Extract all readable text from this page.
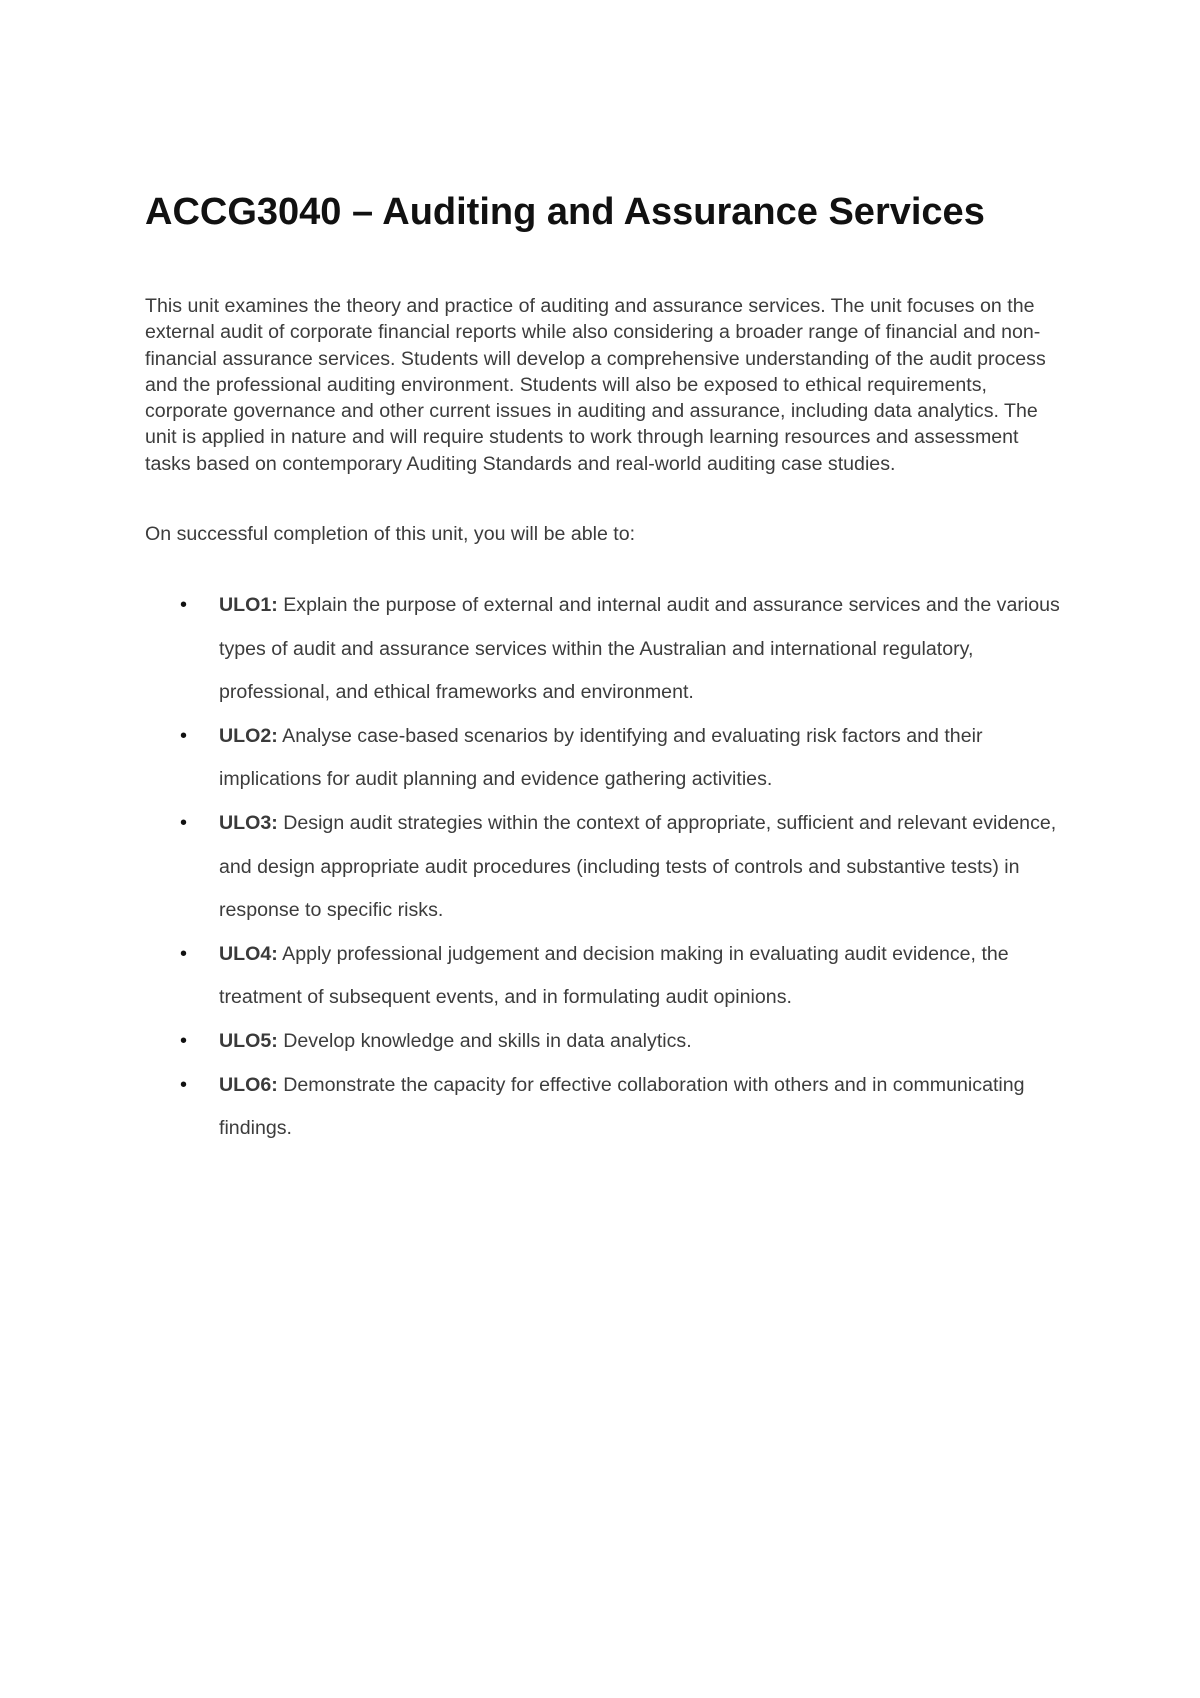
ACCG3040 – Auditing and Assurance Services

This unit examines the theory and practice of auditing and assurance services. The unit focuses on the external audit of corporate financial reports while also considering a broader range of financial and non-financial assurance services. Students will develop a comprehensive understanding of the audit process and the professional auditing environment. Students will also be exposed to ethical requirements, corporate governance and other current issues in auditing and assurance, including data analytics. The unit is applied in nature and will require students to work through learning resources and assessment tasks based on contemporary Auditing Standards and real-world auditing case studies.

On successful completion of this unit, you will be able to:

• ULO1: Explain the purpose of external and internal audit and assurance services and the various types of audit and assurance services within the Australian and international regulatory, professional, and ethical frameworks and environment.
• ULO2: Analyse case-based scenarios by identifying and evaluating risk factors and their implications for audit planning and evidence gathering activities.
• ULO3: Design audit strategies within the context of appropriate, sufficient and relevant evidence, and design appropriate audit procedures (including tests of controls and substantive tests) in response to specific risks.
• ULO4: Apply professional judgement and decision making in evaluating audit evidence, the treatment of subsequent events, and in formulating audit opinions.
• ULO5: Develop knowledge and skills in data analytics.
• ULO6: Demonstrate the capacity for effective collaboration with others and in communicating findings.
